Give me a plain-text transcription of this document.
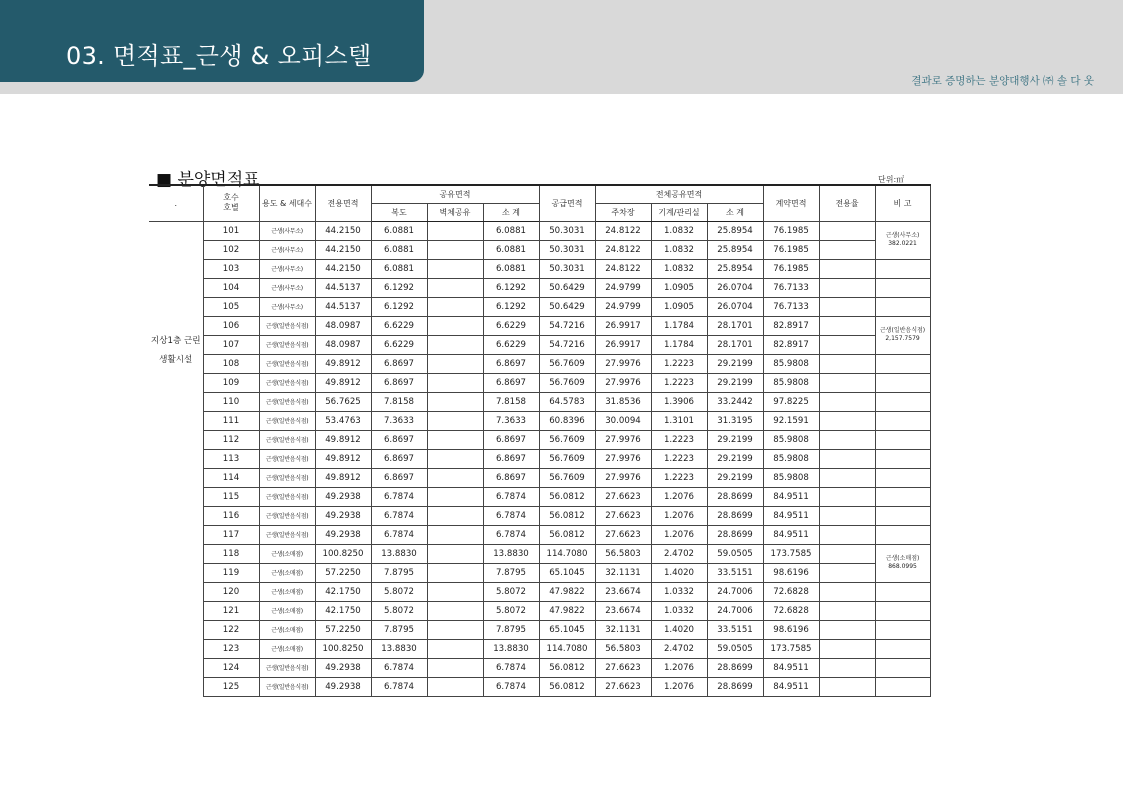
03. 면적표_근생 & 오피스텔
결과로 증명하는 분양대행사 ㈜ 솔 다 웃
■ 분양면적표	단위:㎡
.	호수
호별	용도 & 세대수	전용면적	공유면적			공급면적	전체공유면적			계약면적	전용율	비 고
				복도	벽체공유	소 계		주차장	기계/관리실	소 계			
지상1층 근린생활시설	101	근생(사무소)	44.2150	6.0881		6.0881	50.3031	24.8122	1.0832	25.8954	76.1985		근생(사무소)
382.0221

	102	근생(사무소)	44.2150	6.0881		6.0881	50.3031	24.8122	1.0832	25.8954	76.1985		
	103	근생(사무소)	44.2150	6.0881		6.0881	50.3031	24.8122	1.0832	25.8954	76.1985		
	104	근생(사무소)	44.5137	6.1292		6.1292	50.6429	24.9799	1.0905	26.0704	76.7133		
	105	근생(사무소)	44.5137	6.1292		6.1292	50.6429	24.9799	1.0905	26.0704	76.7133		
	106	근생(일반음식점)	48.0987	6.6229		6.6229	54.7216	26.9917	1.1784	28.1701	82.8917		근생(일반음식점)
2,157.7579

	107	근생(일반음식점)	48.0987	6.6229		6.6229	54.7216	26.9917	1.1784	28.1701	82.8917		
	108	근생(일반음식점)	49.8912	6.8697		6.8697	56.7609	27.9976	1.2223	29.2199	85.9808		
	109	근생(일반음식점)	49.8912	6.8697		6.8697	56.7609	27.9976	1.2223	29.2199	85.9808		
	110	근생(일반음식점)	56.7625	7.8158		7.8158	64.5783	31.8536	1.3906	33.2442	97.8225		
	111	근생(일반음식점)	53.4763	7.3633		7.3633	60.8396	30.0094	1.3101	31.3195	92.1591		
	112	근생(일반음식점)	49.8912	6.8697		6.8697	56.7609	27.9976	1.2223	29.2199	85.9808		
	113	근생(일반음식점)	49.8912	6.8697		6.8697	56.7609	27.9976	1.2223	29.2199	85.9808		
	114	근생(일반음식점)	49.8912	6.8697		6.8697	56.7609	27.9976	1.2223	29.2199	85.9808		
	115	근생(일반음식점)	49.2938	6.7874		6.7874	56.0812	27.6623	1.2076	28.8699	84.9511		
	116	근생(일반음식점)	49.2938	6.7874		6.7874	56.0812	27.6623	1.2076	28.8699	84.9511		
	117	근생(일반음식점)	49.2938	6.7874		6.7874	56.0812	27.6623	1.2076	28.8699	84.9511		
	118	근생(소매점)	100.8250	13.8830		13.8830	114.7080	56.5803	2.4702	59.0505	173.7585		근생(소매점)
868.0995

	119	근생(소매점)	57.2250	7.8795		7.8795	65.1045	32.1131	1.4020	33.5151	98.6196		
	120	근생(소매점)	42.1750	5.8072		5.8072	47.9822	23.6674	1.0332	24.7006	72.6828		
	121	근생(소매점)	42.1750	5.8072		5.8072	47.9822	23.6674	1.0332	24.7006	72.6828		
	122	근생(소매점)	57.2250	7.8795		7.8795	65.1045	32.1131	1.4020	33.5151	98.6196		
	123	근생(소매점)	100.8250	13.8830		13.8830	114.7080	56.5803	2.4702	59.0505	173.7585		
	124	근생(일반음식점)	49.2938	6.7874		6.7874	56.0812	27.6623	1.2076	28.8699	84.9511		
	125	근생(일반음식점)	49.2938	6.7874		6.7874	56.0812	27.6623	1.2076	28.8699	84.9511		
